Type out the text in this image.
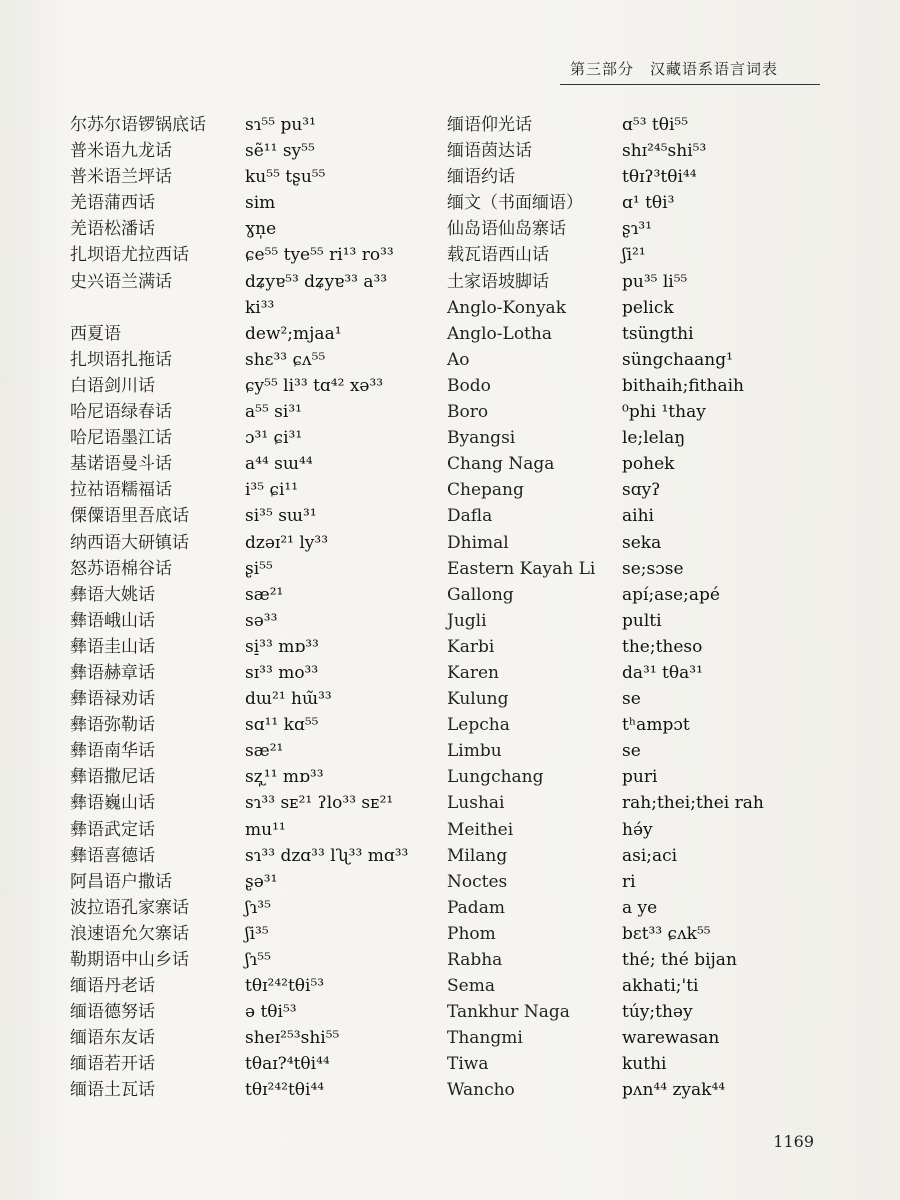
第三部分　汉藏语系语言词表
尔苏尔语锣锅底话
普米语九龙话
普米语兰坪话
羌语蒲西话
羌语松潘话
扎坝语尤拉西话
史兴语兰满话
西夏语
扎坝语扎拖话
白语剑川话
哈尼语绿春话
哈尼语墨江话
基诺语曼斗话
拉祜语糯福话
傈僳语里吾底话
纳西语大研镇话
怒苏语棉谷话
彝语大姚话
彝语峨山话
彝语圭山话
彝语赫章话
彝语禄劝话
彝语弥勒话
彝语南华话
彝语撒尼话
彝语巍山话
彝语武定话
彝语喜德话
阿昌语户撒话
波拉语孔家寨话
浪速语允欠寨话
勒期语中山乡话
缅语丹老话
缅语德努话
缅语东友话
缅语若开话
缅语土瓦话
sɿ⁵⁵ pu³¹
sẽ¹¹ sy⁵⁵
ku⁵⁵ tʂu⁵⁵
sim
ɣn̩e
ɕe⁵⁵ tye⁵⁵ ri¹³ ro³³
dʑyɐ⁵³ dʑyɐ³³ a³³
ki³³
dew²;mjaa¹
shɛ³³ ɕʌ⁵⁵
ɕy⁵⁵ li³³ tɑ⁴² xə³³
a⁵⁵ si³¹
ɔ³¹ ɕi³¹
a⁴⁴ sɯ⁴⁴
i³⁵ ɕi¹¹
si³⁵ sɯ³¹
dzəɪ²¹ ly³³
ʂi⁵⁵
sæ²¹
sə³³
si̠³³ mɒ³³
sɪ³³ mo³³
dɯ²¹ hɯ̃³³
sɑ¹¹ kɑ⁵⁵
sæ²¹
sʐ̩¹¹ mɒ³³
sɿ³³ sᴇ²¹ ʔlo³³ sᴇ²¹
mu¹¹
sɿ³³ dzɑ³³ lʯ³³ mɑ³³
ʂə³¹
ʃɿ³⁵
ʃi³⁵
ʃɿ⁵⁵
tθɪ²⁴²tθi⁵³
ə tθi⁵³
sheɪ²⁵³shi⁵⁵
tθaɪ?⁴tθi⁴⁴
tθɪ²⁴²tθi⁴⁴
缅语仰光话
缅语茵达话
缅语约话
缅文（书面缅语）
仙岛语仙岛寨话
载瓦语西山话
土家语坡脚话
Anglo-Konyak
Anglo-Lotha
Ao
Bodo
Boro
Byangsi
Chang Naga
Chepang
Dafla
Dhimal
Eastern Kayah Li
Gallong
Jugli
Karbi
Karen
Kulung
Lepcha
Limbu
Lungchang
Lushai
Meithei
Milang
Noctes
Padam
Phom
Rabha
Sema
Tankhur Naga
Thangmi
Tiwa
Wancho
ɑ⁵³ tθi⁵⁵
shɪ²⁴⁵shi⁵³
tθɪʔ³tθi⁴⁴
ɑ¹ tθi³
ʂɿ³¹
ʃi²¹
pu³⁵ li⁵⁵
pelick
tsüngthi
süngchaang¹
bithaih;fithaih
⁰phi ¹thay
le;lelaŋ
pohek
sɑyʔ
aihi
seka
se;sɔse
apí;ase;apé
pulti
the;theso
da³¹ tθa³¹
se
tʰampɔt
se
puri
rah;thei;thei rah
hə́y
asi;aci
ri
a ye
bɛt³³ ɕʌk⁵⁵
thé; thé bijan
akhati;'ti
túy;thəy
warewasan
kuthi
pʌn⁴⁴ zyak⁴⁴
1169
